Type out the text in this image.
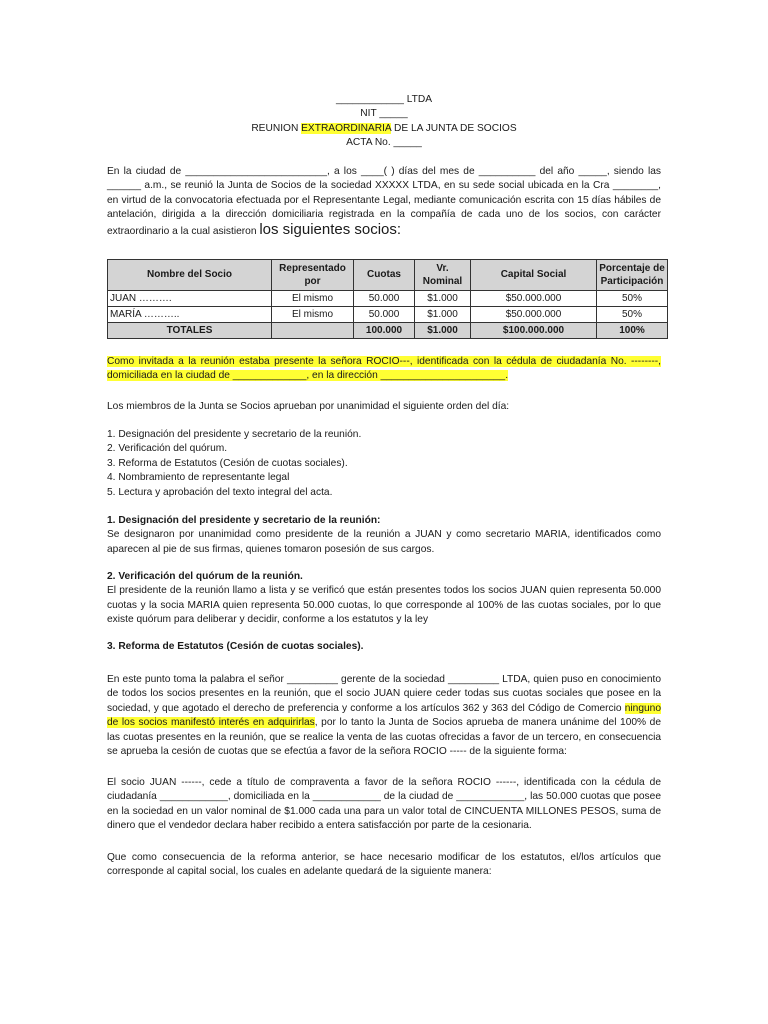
____________ LTDA
NIT _____
REUNION EXTRAORDINARIA DE LA JUNTA DE SOCIOS
ACTA No. _____

En la ciudad de _________________________, a los ____( ) días del mes de __________ del año _____, siendo las ______ a.m., se reunió la Junta de Socios de la sociedad XXXXX LTDA, en su sede social ubicada en la Cra ________, en virtud de la convocatoria efectuada por el Representante Legal, mediante comunicación escrita con 15 días hábiles de antelación, dirigida a la dirección domiciliaria registrada en la compañía de cada uno de los socios, con carácter extraordinario a la cual asistieron los siguientes socios:

Nombre del Socio	Representado por	Cuotas	Vr. Nominal	Capital Social	Porcentaje de Participación
JUAN ……….	El mismo	50.000	$1.000	$50.000.000	50%
MARÍA ………..	El mismo	50.000	$1.000	$50.000.000	50%
TOTALES		100.000	$1.000	$100.000.000	100%

Como invitada a la reunión estaba presente la señora ROCIO---, identificada con la cédula de ciudadanía No. --------, domiciliada en la ciudad de _____________, en la dirección ______________________.

Los miembros de la Junta se Socios aprueban por unanimidad el siguiente orden del día:

1. Designación del presidente y secretario de la reunión.
2. Verificación del quórum.
3. Reforma de Estatutos (Cesión de cuotas sociales).
4. Nombramiento de representante legal
5. Lectura y aprobación del texto integral del acta.
1. Designación del presidente y secretario de la reunión:
Se designaron por unanimidad como presidente de la reunión a JUAN y como secretario MARIA, identificados como aparecen al pie de sus firmas, quienes tomaron posesión de sus cargos.
2. Verificación del quórum de la reunión.
El presidente de la reunión llamo a lista y se verificó que están presentes todos los socios JUAN quien representa 50.000 cuotas y la socia MARIA quien representa 50.000 cuotas, lo que corresponde al 100% de las cuotas sociales, por lo que existe quórum para deliberar y decidir, conforme a los estatutos y la ley
3. Reforma de Estatutos (Cesión de cuotas sociales).

En este punto toma la palabra el señor _________ gerente de la sociedad _________ LTDA, quien puso en conocimiento de todos los socios presentes en la reunión, que el socio JUAN quiere ceder todas sus cuotas sociales que posee en la sociedad, y que agotado el derecho de preferencia y conforme a los artículos 362 y 363 del Código de Comercio ninguno de los socios manifestó interés en adquirirlas, por lo tanto la Junta de Socios aprueba de manera unánime del 100% de las cuotas presentes en la reunión, que se realice la venta de las cuotas ofrecidas a favor de un tercero, en consecuencia se aprueba la cesión de cuotas que se efectúa a favor de la señora ROCIO ----- de la siguiente forma:

El socio JUAN ------, cede a título de compraventa a favor de la señora ROCIO ------, identificada con la cédula de ciudadanía ____________, domiciliada en la ____________ de la ciudad de ____________, las 50.000 cuotas que posee en la sociedad en un valor nominal de $1.000 cada una para un valor total de CINCUENTA MILLONES PESOS, suma de dinero que el vendedor declara haber recibido a entera satisfacción por parte de la cesionaria.

Que como consecuencia de la reforma anterior, se hace necesario modificar de los estatutos, el/los artículos que corresponde al capital social, los cuales en adelante quedará de la siguiente manera:
